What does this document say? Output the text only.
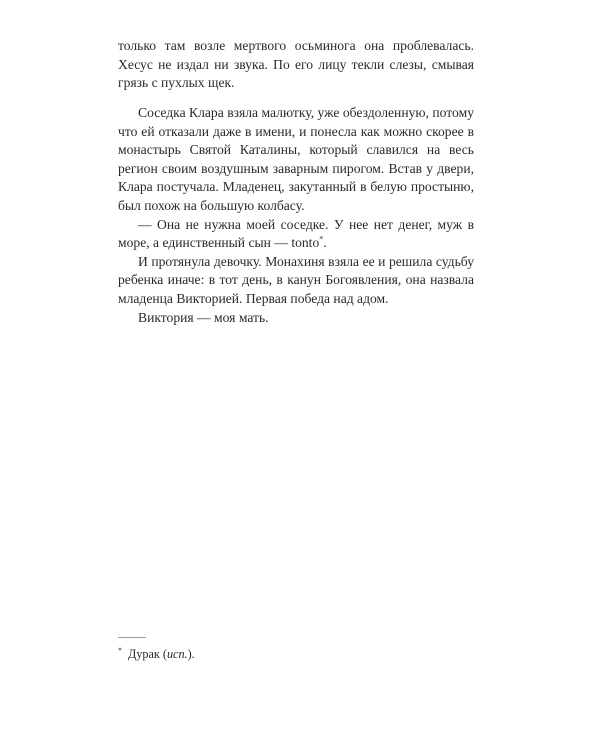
только там возле мертвого осьминога она проблевалась. Хесус не издал ни звука. По его лицу текли слезы, смывая грязь с пухлых щек.

Соседка Клара взяла малютку, уже обездоленную, потому что ей отказали даже в имени, и понесла как можно скорее в монастырь Святой Каталины, который славился на весь регион своим воздушным заварным пирогом. Встав у двери, Клара постучала. Младенец, закутанный в белую простыню, был похож на большую колбасу.

— Она не нужна моей соседке. У нее нет денег, муж в море, а единственный сын — tonto*.

И протянула девочку. Монахиня взяла ее и решила судьбу ребенка иначе: в тот день, в канун Богоявления, она назвала младенца Викторией. Первая победа над адом.

Виктория — моя мать.

* Дурак (исп.).
